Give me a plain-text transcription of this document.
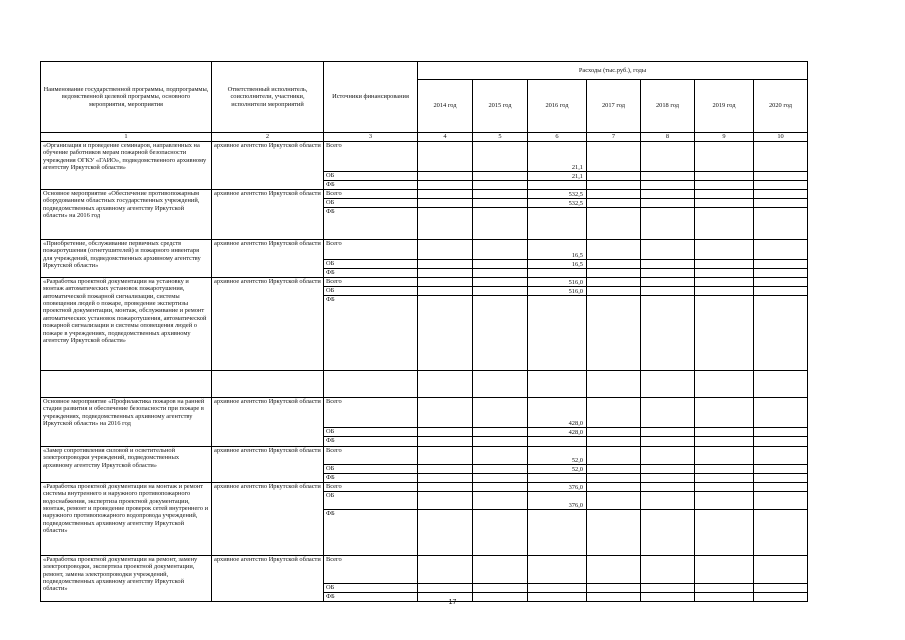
Наименование государственной программы, подпрограммы, ведомственной целевой программы, основного мероприятия, мероприятия	Ответственный исполнитель, соисполнители, участники, исполнители мероприятий	Источники финансирования	Расходы (тыс.руб.), годы						
			2014 год	2015 год	2016 год	2017 год	2018 год	2019 год	2020 год
1	2	3	4	5	6	7	8	9	10
«Организация и проведение семинаров, направленных на обучение работников мерам пожарной безопасности учреждения ОГКУ «ГАИО», подведомственного архивному агентству Иркутской области»	архивное агентство Иркутской области	Всего			21,1				
		ОБ			21,1				
		ФБ							
Основное мероприятие «Обеспечение противопожарным оборудованием областных государственных учреждений, подведомственных архивному агентству Иркутской области» на 2016 год	архивное агентство Иркутской области	Всего			532,5				
		ОБ			532,5				
		ФБ							
«Приобретение, обслуживание первичных средств пожаротушения (огнетушителей) и пожарного инвентаря для учреждений, подведомственных архивному агентству Иркутской области»	архивное агентство Иркутской области	Всего			16,5				
		ОБ			16,5				
		ФБ							
«Разработка проектной документации на установку и монтаж автоматических установок пожаротушения, автоматической пожарной сигнализации, системы оповещения людей о пожаре, проведение экспертизы проектной документации, монтаж, обслуживание и ремонт автоматических установок пожаротушения, автоматической пожарной сигнализации и системы оповещения людей о пожаре в учреждениях, подведомственных архивному агентству Иркутской области»	архивное агентство Иркутской области	Всего			516,0				
		ОБ			516,0				
		ФБ							

Основное мероприятие «Профилактика пожаров на ранней стадии развития и обеспечение безопасности при пожаре в учреждениях, подведомственных архивному агентству Иркутской области» на 2016 год	архивное агентство Иркутской области	Всего			428,0				
		ОБ			428,0				
		ФБ							
«Замер сопротивления силовой и осветительной электропроводки учреждений, подведомственных архивному агентству Иркутской области»	архивное агентство Иркутской области	Всего			52,0				
		ОБ			52,0				
		ФБ							
«Разработка проектной документации на монтаж и ремонт системы внутреннего и наружного противопожарного водоснабжения, экспертиза проектной документации, монтаж, ремонт и проведение проверок сетей внутреннего и наружного противопожарного водопровода учреждений, подведомственных архивному агентству Иркутской области»	архивное агентство Иркутской области	Всего			376,0				
		ОБ			376,0				
		ФБ							
«Разработка проектной документации на ремонт, замену электропроводки, экспертиза проектной документации, ремонт, замена электропроводки учреждений, подведомственных архивному агентству Иркутской области»	архивное агентство Иркутской области	Всего							
		ОБ							
		ФБ							
17
